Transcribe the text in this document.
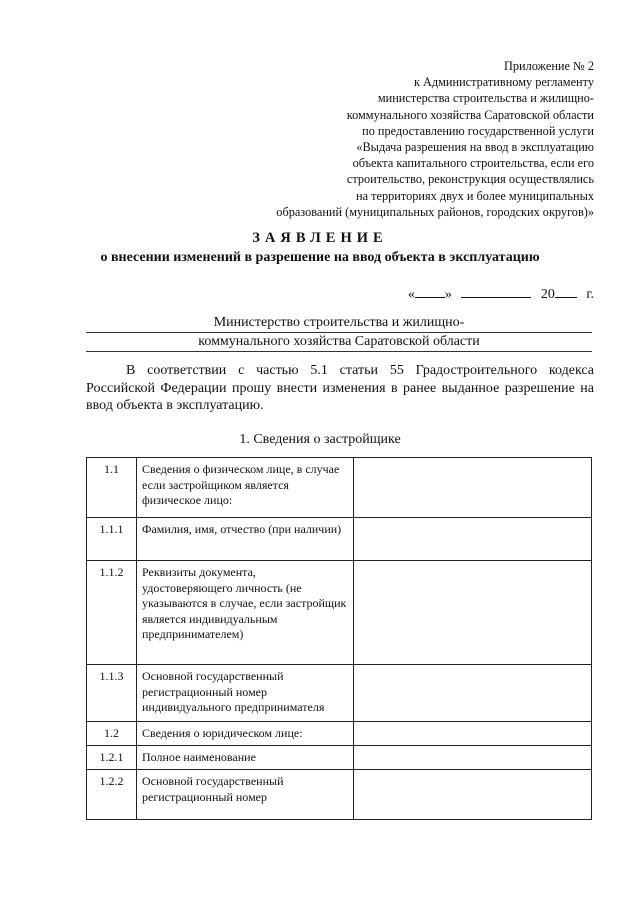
Приложение № 2
к Административному регламенту
министерства строительства и жилищно-
коммунального хозяйства Саратовской области
по предоставлению государственной услуги
«Выдача разрешения на ввод в эксплуатацию
объекта капитального строительства, если его
строительство, реконструкция осуществлялись
на территориях двух и более муниципальных
образований (муниципальных районов, городских округов)»
ЗАЯВЛЕНИЕ
о внесении изменений в разрешение на ввод объекта в эксплуатацию
« »	20 г.
Министерство строительства и жилищно-
коммунального хозяйства Саратовской области
В соответствии с частью 5.1 статьи 55 Градостроительного кодекса Российской Федерации прошу внести изменения в ранее выданное разрешение на ввод объекта в эксплуатацию.
1. Сведения о застройщике
1.1	Сведения о физическом лице, в случае если застройщиком является физическое лицо:	
1.1.1	Фамилия, имя, отчество (при наличии)	
1.1.2	Реквизиты документа, удостоверяющего личность (не указываются в случае, если застройщик является индивидуальным предпринимателем)	
1.1.3	Основной государственный регистрационный номер индивидуального предпринимателя	
1.2	Сведения о юридическом лице:	
1.2.1	Полное наименование	
1.2.2	Основной государственный регистрационный номер	
